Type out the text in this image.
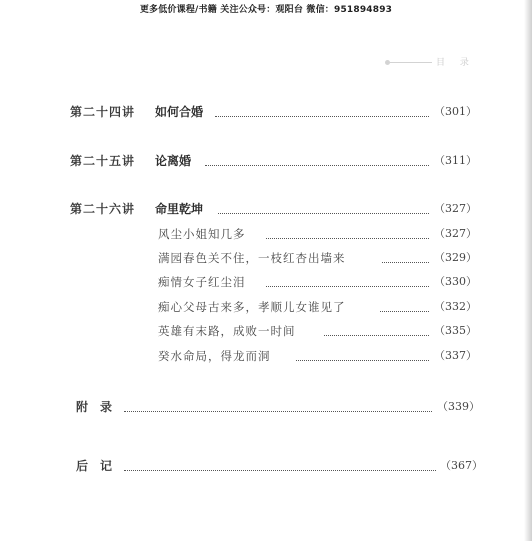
更多低价课程/书籍 关注公众号：观阳台 微信：951894893
目 录
第二十四讲 如何合婚	（301）
第二十五讲 论离婚	（311）
第二十六讲 命里乾坤	（327）
风尘小姐知几多	（327）
满园春色关不住，一枝红杏出墙来	（329）
痴情女子红尘泪	（330）
痴心父母古来多，孝顺儿女谁见了	（332）
英雄有末路，成败一时间	（335）
癸水命局，得龙而洞	（337）
附录	（339）
后记	（367）
